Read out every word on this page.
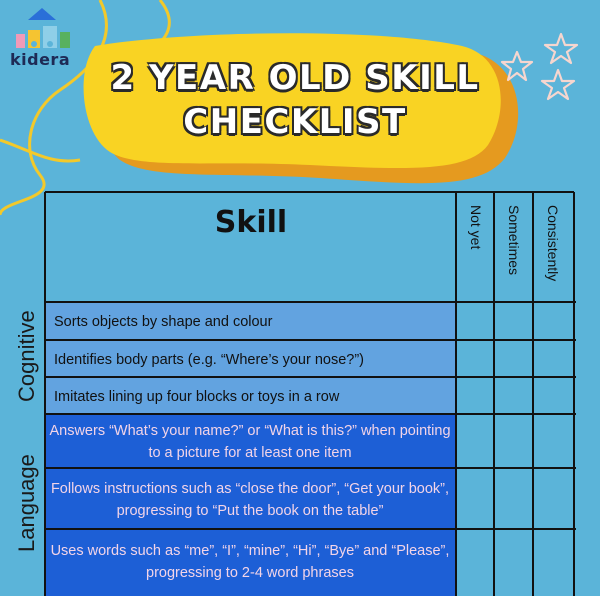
kidera	2 YEAR OLD SKILL
CHECKLIST
Skill	Not yet Sometimes Consistently
Cognitive
Language
Sorts objects by shape and colour
Identifies body parts (e.g. “Where’s your nose?”)
Imitates lining up four blocks or toys in a row
Answers “What’s your name?” or “What is this?” when pointing to a picture for at least one item
Follows instructions such as “close the door”, “Get your book”, progressing to “Put the book on the table”
Uses words such as “me”, “I”, “mine”, “Hi”, “Bye” and “Please”, progressing to 2-4 word phrases
